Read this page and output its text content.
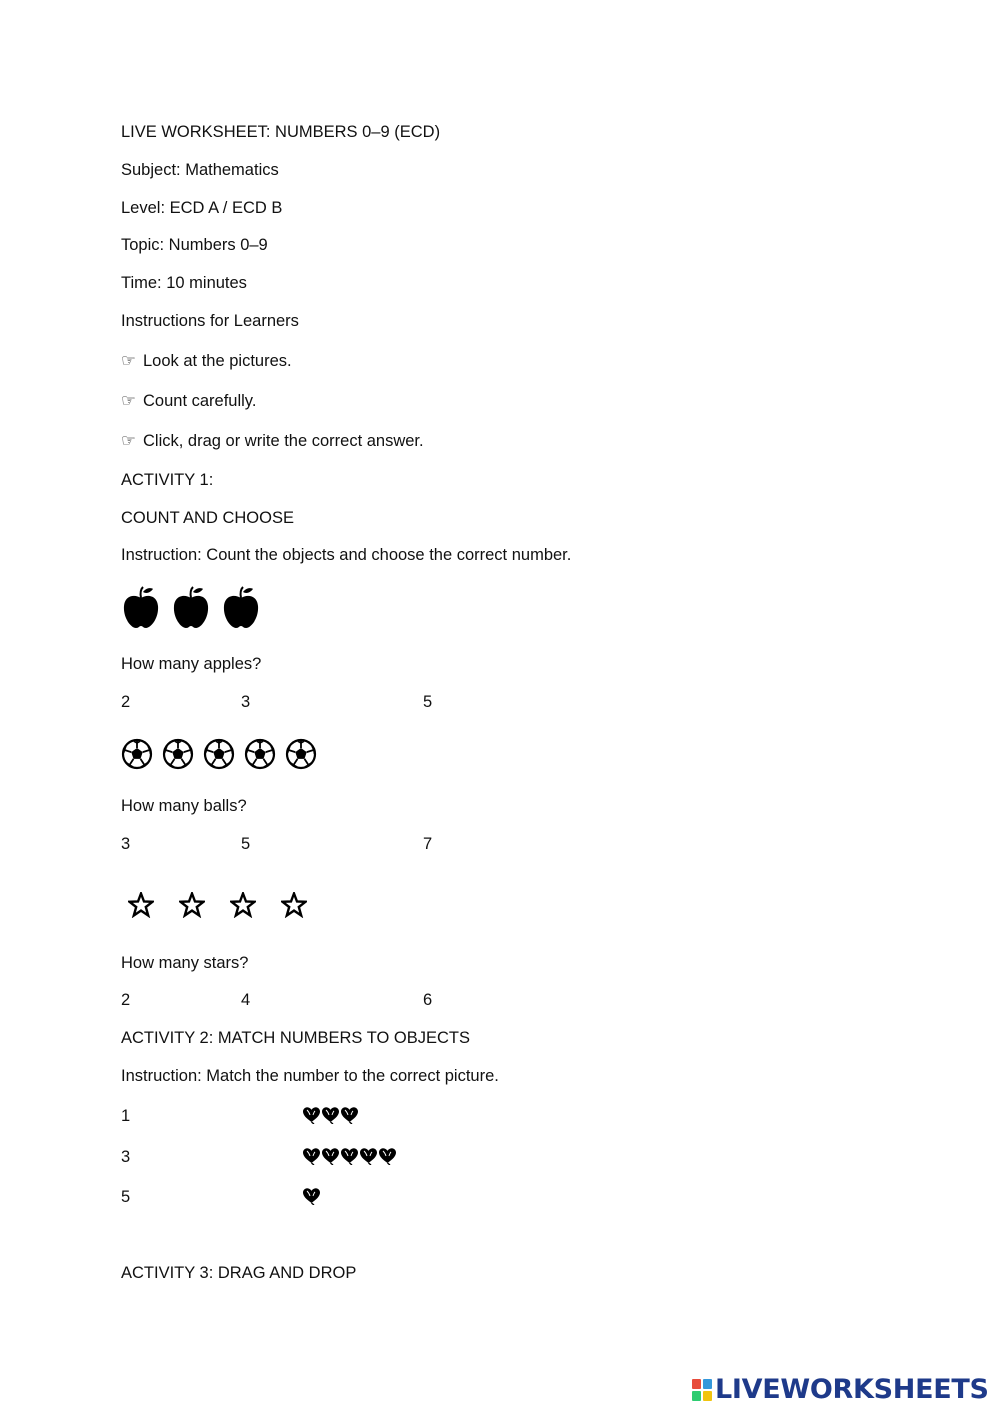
LIVE WORKSHEET: NUMBERS 0–9 (ECD)
Subject: Mathematics
Level: ECD A / ECD B
Topic: Numbers 0–9
Time: 10 minutes
Instructions for Learners
☞ Look at the pictures.
☞ Count carefully.
☞ Click, drag or write the correct answer.
ACTIVITY 1:
COUNT AND CHOOSE
Instruction: Count the objects and choose the correct number.
How many apples?
2	3	5
How many balls?
3	5	7
How many stars?
2	4	6
ACTIVITY 2: MATCH NUMBERS TO OBJECTS
Instruction: Match the number to the correct picture.
1
3
5
ACTIVITY 3: DRAG AND DROP
LIVEWORKSHEETS
